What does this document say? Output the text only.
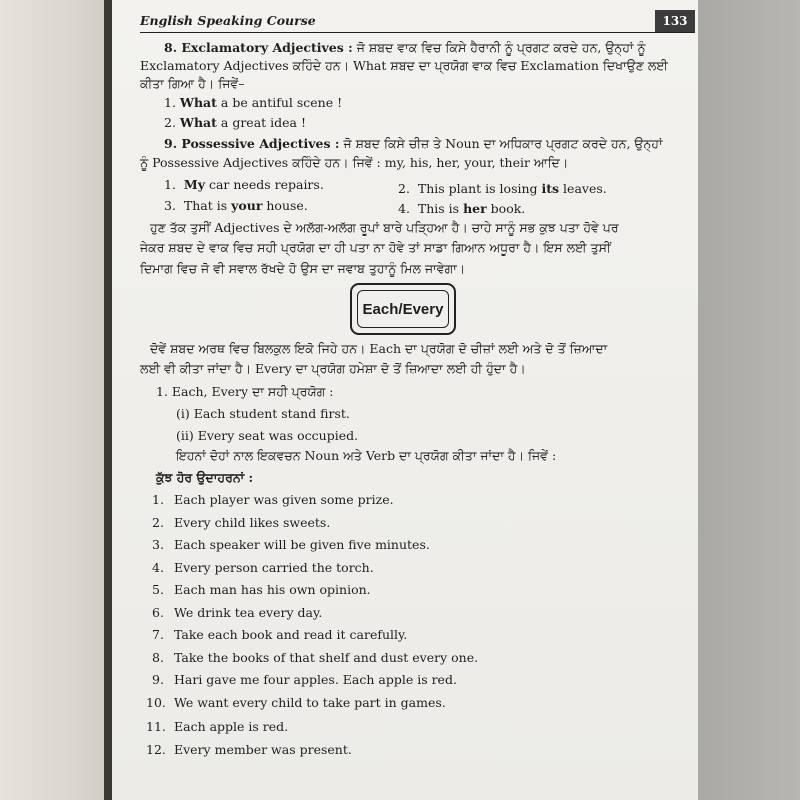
English Speaking Course	133
8. Exclamatory Adjectives : ਜੋ ਸ਼ਬਦ ਵਾਕ ਵਿਚ ਕਿਸੇ ਹੈਰਾਨੀ ਨੂੰ ਪ੍ਰਗਟ ਕਰਦੇ ਹਨ, ਉਨ੍ਹਾਂ ਨੂੰ
Exclamatory Adjectives ਕਹਿੰਦੇ ਹਨ। What ਸ਼ਬਦ ਦਾ ਪ੍ਰਯੋਗ ਵਾਕ ਵਿਚ Exclamation ਦਿਖਾਉਣ ਲਈ
ਕੀਤਾ ਗਿਆ ਹੈ। ਜਿਵੇਂ–
1. What a be antiful scene !
2. What a great idea !
9. Possessive Adjectives : ਜੋ ਸ਼ਬਦ ਕਿਸੇ ਚੀਜ਼ ਤੇ Noun ਦਾ ਅਧਿਕਾਰ ਪ੍ਰਗਟ ਕਰਦੇ ਹਨ, ਉਨ੍ਹਾਂ
ਨੂੰ Possessive Adjectives ਕਹਿੰਦੇ ਹਨ। ਜਿਵੇਂ : my, his, her, your, their ਆਦਿ।
1. My car needs repairs.	2. This plant is losing its leaves.
3. That is your house.	4. This is her book.
ਹੁਣ ਤੱਕ ਤੁਸੀਂ Adjectives ਦੇ ਅਲੱਗ-ਅਲੱਗ ਰੂਪਾਂ ਬਾਰੇ ਪੜ੍ਹਿਆ ਹੈ। ਚਾਹੇ ਸਾਨੂੰ ਸਭ ਕੁਝ ਪਤਾ ਹੋਵੇ ਪਰ
ਜੇਕਰ ਸ਼ਬਦ ਦੇ ਵਾਕ ਵਿਚ ਸਹੀ ਪ੍ਰਯੋਗ ਦਾ ਹੀ ਪਤਾ ਨਾ ਹੋਵੇ ਤਾਂ ਸਾਡਾ ਗਿਆਨ ਅਧੂਰਾ ਹੈ। ਇਸ ਲਈ ਤੁਸੀਂ
ਦਿਮਾਗ ਵਿਚ ਜੋ ਵੀ ਸਵਾਲ ਰੱਖਦੇ ਹੋ ਉਸ ਦਾ ਜਵਾਬ ਤੁਹਾਨੂੰ ਮਿਲ ਜਾਵੇਗਾ।
Each/Every
ਦੋਵੇਂ ਸ਼ਬਦ ਅਰਥ ਵਿਚ ਬਿਲਕੁਲ ਇਕੋ ਜਿਹੇ ਹਨ। Each ਦਾ ਪ੍ਰਯੋਗ ਦੋ ਚੀਜ਼ਾਂ ਲਈ ਅਤੇ ਦੋ ਤੋਂ ਜ਼ਿਆਦਾ
ਲਈ ਵੀ ਕੀਤਾ ਜਾਂਦਾ ਹੈ। Every ਦਾ ਪ੍ਰਯੋਗ ਹਮੇਸ਼ਾ ਦੋ ਤੋਂ ਜ਼ਿਆਦਾ ਲਈ ਹੀ ਹੁੰਦਾ ਹੈ।
1. Each, Every ਦਾ ਸਹੀ ਪ੍ਰਯੋਗ :
(i) Each student stand first.
(ii) Every seat was occupied.
ਇਹਨਾਂ ਦੋਹਾਂ ਨਾਲ ਇਕਵਚਨ Noun ਅਤੇ Verb ਦਾ ਪ੍ਰਯੋਗ ਕੀਤਾ ਜਾਂਦਾ ਹੈ। ਜਿਵੇਂ :
ਕੁੱਝ ਹੋਰ ਉਦਾਹਰਨਾਂ :
1. Each player was given some prize.
2. Every child likes sweets.
3. Each speaker will be given five minutes.
4. Every person carried the torch.
5. Each man has his own opinion.
6. We drink tea every day.
7. Take each book and read it carefully.
8. Take the books of that shelf and dust every one.
9. Hari gave me four apples. Each apple is red.
10. We want every child to take part in games.
11. Each apple is red.
12. Every member was present.
